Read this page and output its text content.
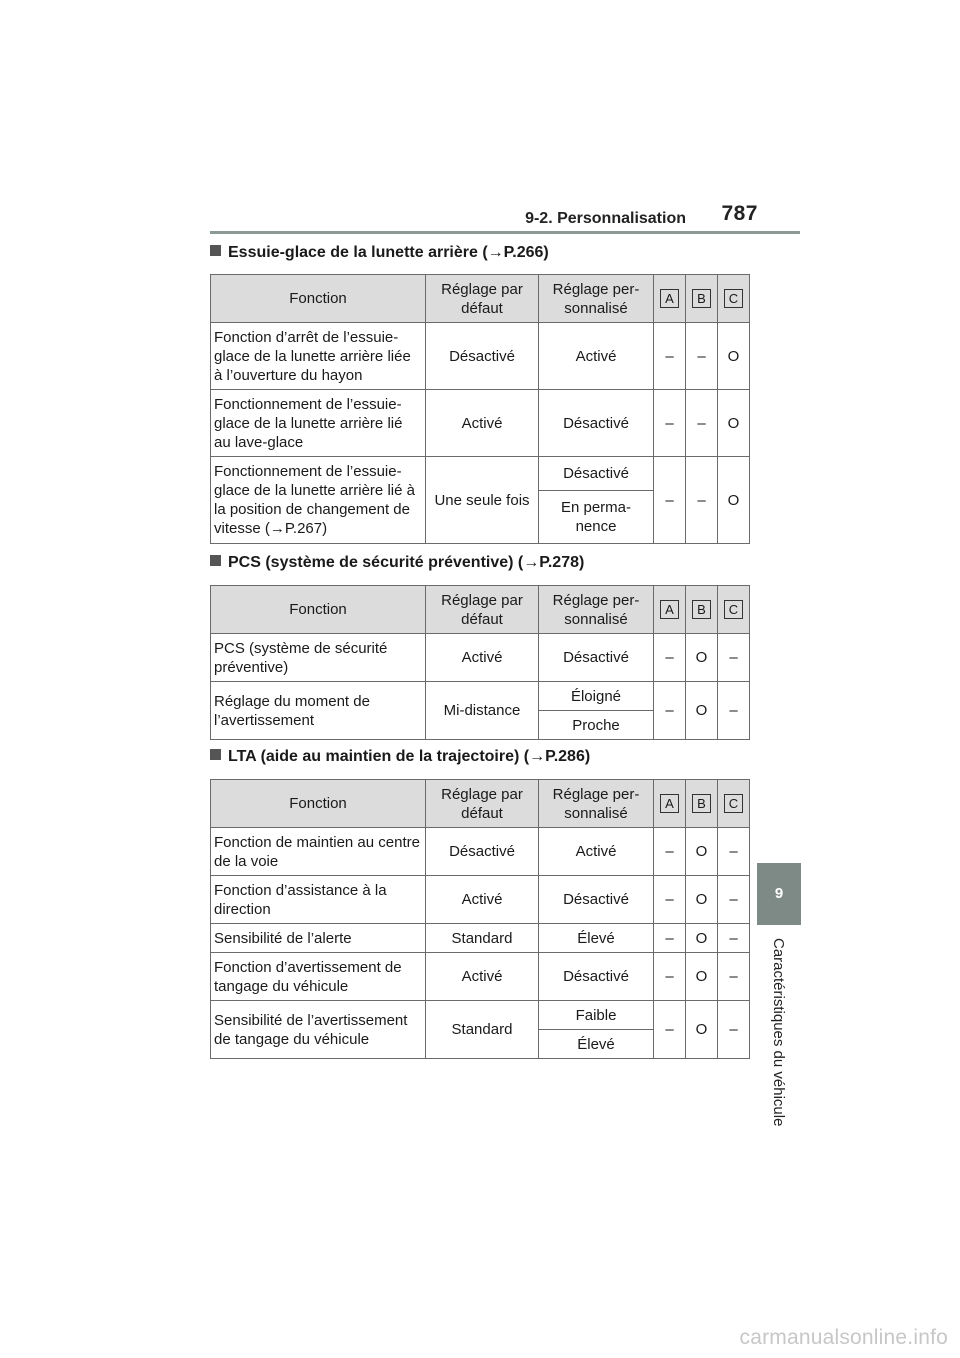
9-2. Personnalisation 787
9
Caractéristiques du véhicule
Essuie-glace de la lunette arrière (→P.266)
Fonction	Réglage par défaut	Réglage per-sonnalisé	A	B	C
Fonction d’arrêt de l’essuie-glace de la lunette arrière liée à l’ouverture du hayon	Désactivé	Activé	–	–	O
Fonctionnement de l’essuie-glace de la lunette arrière lié au lave-glace	Activé	Désactivé	–	–	O
Fonctionnement de l’essuie-glace de la lunette arrière lié à la position de changement de vitesse (→P.267)	Une seule fois	Désactivé	–	–	O
		En perma-nence			
PCS (système de sécurité préventive) (→P.278)
Fonction	Réglage par défaut	Réglage per-sonnalisé	A	B	C
PCS (système de sécurité préventive)	Activé	Désactivé	–	O	–
Réglage du moment de l’avertissement	Mi-distance	Éloigné	–	O	–
		Proche			
LTA (aide au maintien de la trajectoire) (→P.286)
Fonction	Réglage par défaut	Réglage per-sonnalisé	A	B	C
Fonction de maintien au centre de la voie	Désactivé	Activé	–	O	–
Fonction d’assistance à la direction	Activé	Désactivé	–	O	–
Sensibilité de l’alerte	Standard	Élevé	–	O	–
Fonction d’avertissement de tangage du véhicule	Activé	Désactivé	–	O	–
Sensibilité de l’avertissement de tangage du véhicule	Standard	Faible	–	O	–
		Élevé			
carmanualsonline.info
